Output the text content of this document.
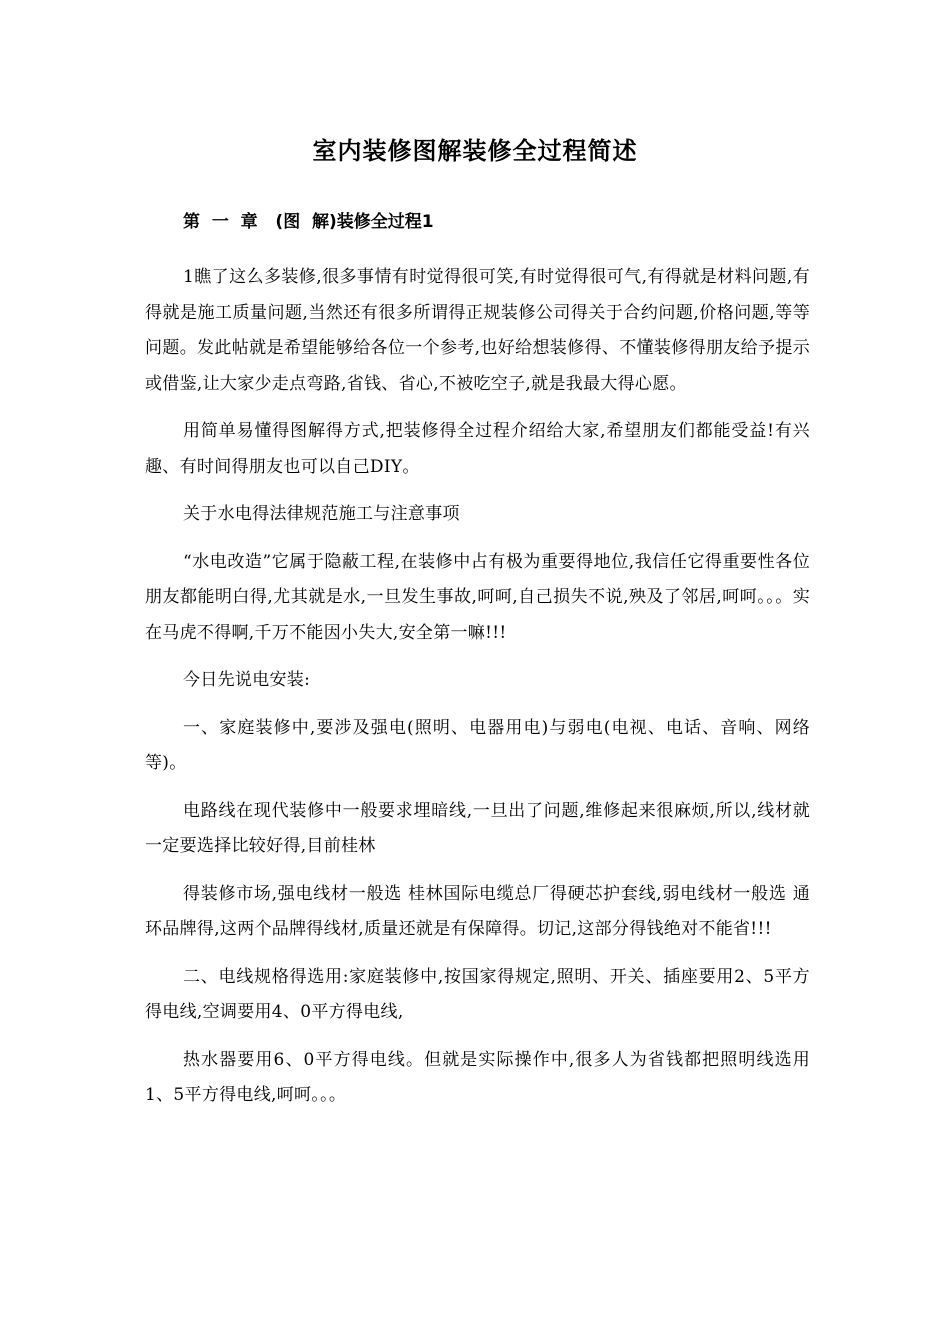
室内装修图解装修全过程简述
第  一  章   (图  解)装修全过程1

1瞧了这么多装修,很多事情有时觉得很可笑,有时觉得很可气,有得就是材料问题,有得就是施工质量问题,当然还有很多所谓得正规装修公司得关于合约问题,价格问题,等等问题。发此帖就是希望能够给各位一个参考,也好给想装修得、不懂装修得朋友给予提示或借鉴,让大家少走点弯路,省钱、省心,不被吃空子,就是我最大得心愿。

用简单易懂得图解得方式,把装修得全过程介绍给大家,希望朋友们都能受益!有兴趣、有时间得朋友也可以自己DIY。

关于水电得法律规范施工与注意事项

“水电改造”它属于隐蔽工程,在装修中占有极为重要得地位,我信任它得重要性各位朋友都能明白得,尤其就是水,一旦发生事故,呵呵,自己损失不说,殃及了邻居,呵呵。。。实在马虎不得啊,千万不能因小失大,安全第一嘛!!!

今日先说电安装:

一、家庭装修中,要涉及强电(照明、电器用电)与弱电(电视、电话、音响、网络等)。

电路线在现代装修中一般要求埋暗线,一旦出了问题,维修起来很麻烦,所以,线材就一定要选择比较好得,目前桂林

得装修市场,强电线材一般选 桂林国际电缆总厂得硬芯护套线,弱电线材一般选 通环品牌得,这两个品牌得线材,质量还就是有保障得。切记,这部分得钱绝对不能省!!!

二、电线规格得选用:家庭装修中,按国家得规定,照明、开关、插座要用2、5平方得电线,空调要用4、0平方得电线,

热水器要用6、0平方得电线。但就是实际操作中,很多人为省钱都把照明线选用1、5平方得电线,呵呵。。。
